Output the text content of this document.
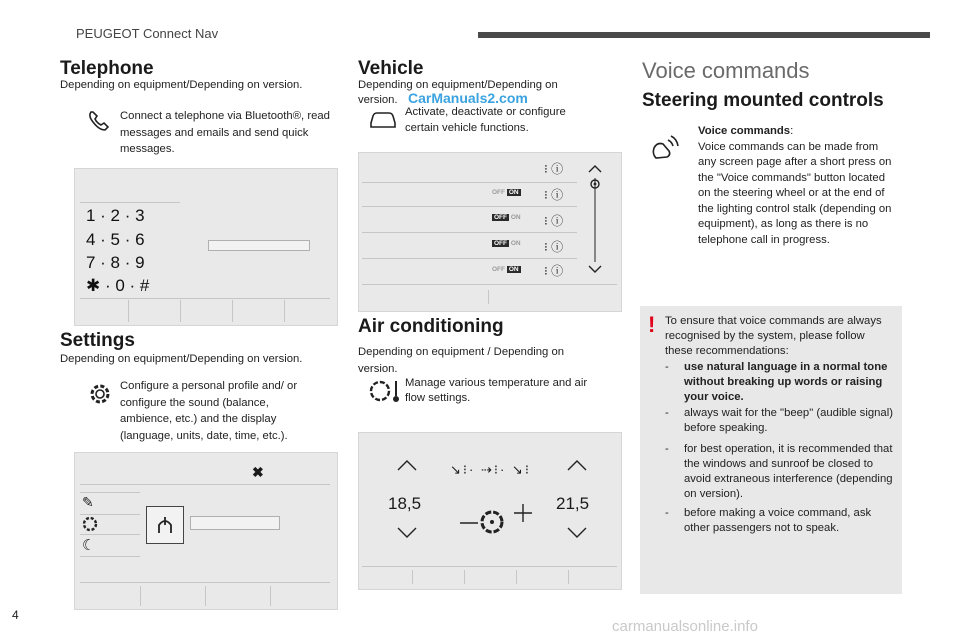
PEUGEOT Connect Nav
Telephone
Depending on equipment/Depending on version.
Connect a telephone via Bluetooth®, read messages and emails and send quick messages.
1 · 2 · 3
4 · 5 · 6
7 · 8 · 9
✱ · 0 · #
Settings
Depending on equipment/Depending on version.
Configure a personal profile and/ or configure the sound (balance, ambience, etc.) and the display (language, units, date, time, etc.).
✖
✎
☾
Vehicle
Depending on equipment/Depending on version. CarManuals2.com
Activate, deactivate or configure certain vehicle functions.
⁝ ⓘ
⁝ ⓘ
⁝ ⓘ
⁝ ⓘ
⁝ ⓘ
OFF ON
OFF ON
OFF ON
OFF ON
Air conditioning
Depending on equipment / Depending on version.
Manage various temperature and air flow settings.
18,5	21,5
↘⁝· ⇢⁝· ↘⁝
Voice commands
Steering mounted controls
Voice commands:
Voice commands can be made from any screen page after a short press on the "Voice commands" button located on the steering wheel or at the end of the lighting control stalk (depending on equipment), as long as there is no telephone call in progress.
! To ensure that voice commands are always recognised by the system, please follow these recommendations:
- use natural language in a normal tone without breaking up words or raising your voice.
- always wait for the "beep" (audible signal) before speaking.
- for best operation, it is recommended that the windows and sunroof be closed to avoid extraneous interference (depending on version).
- before making a voice command, ask other passengers not to speak.
4
carmanualsonline.info
